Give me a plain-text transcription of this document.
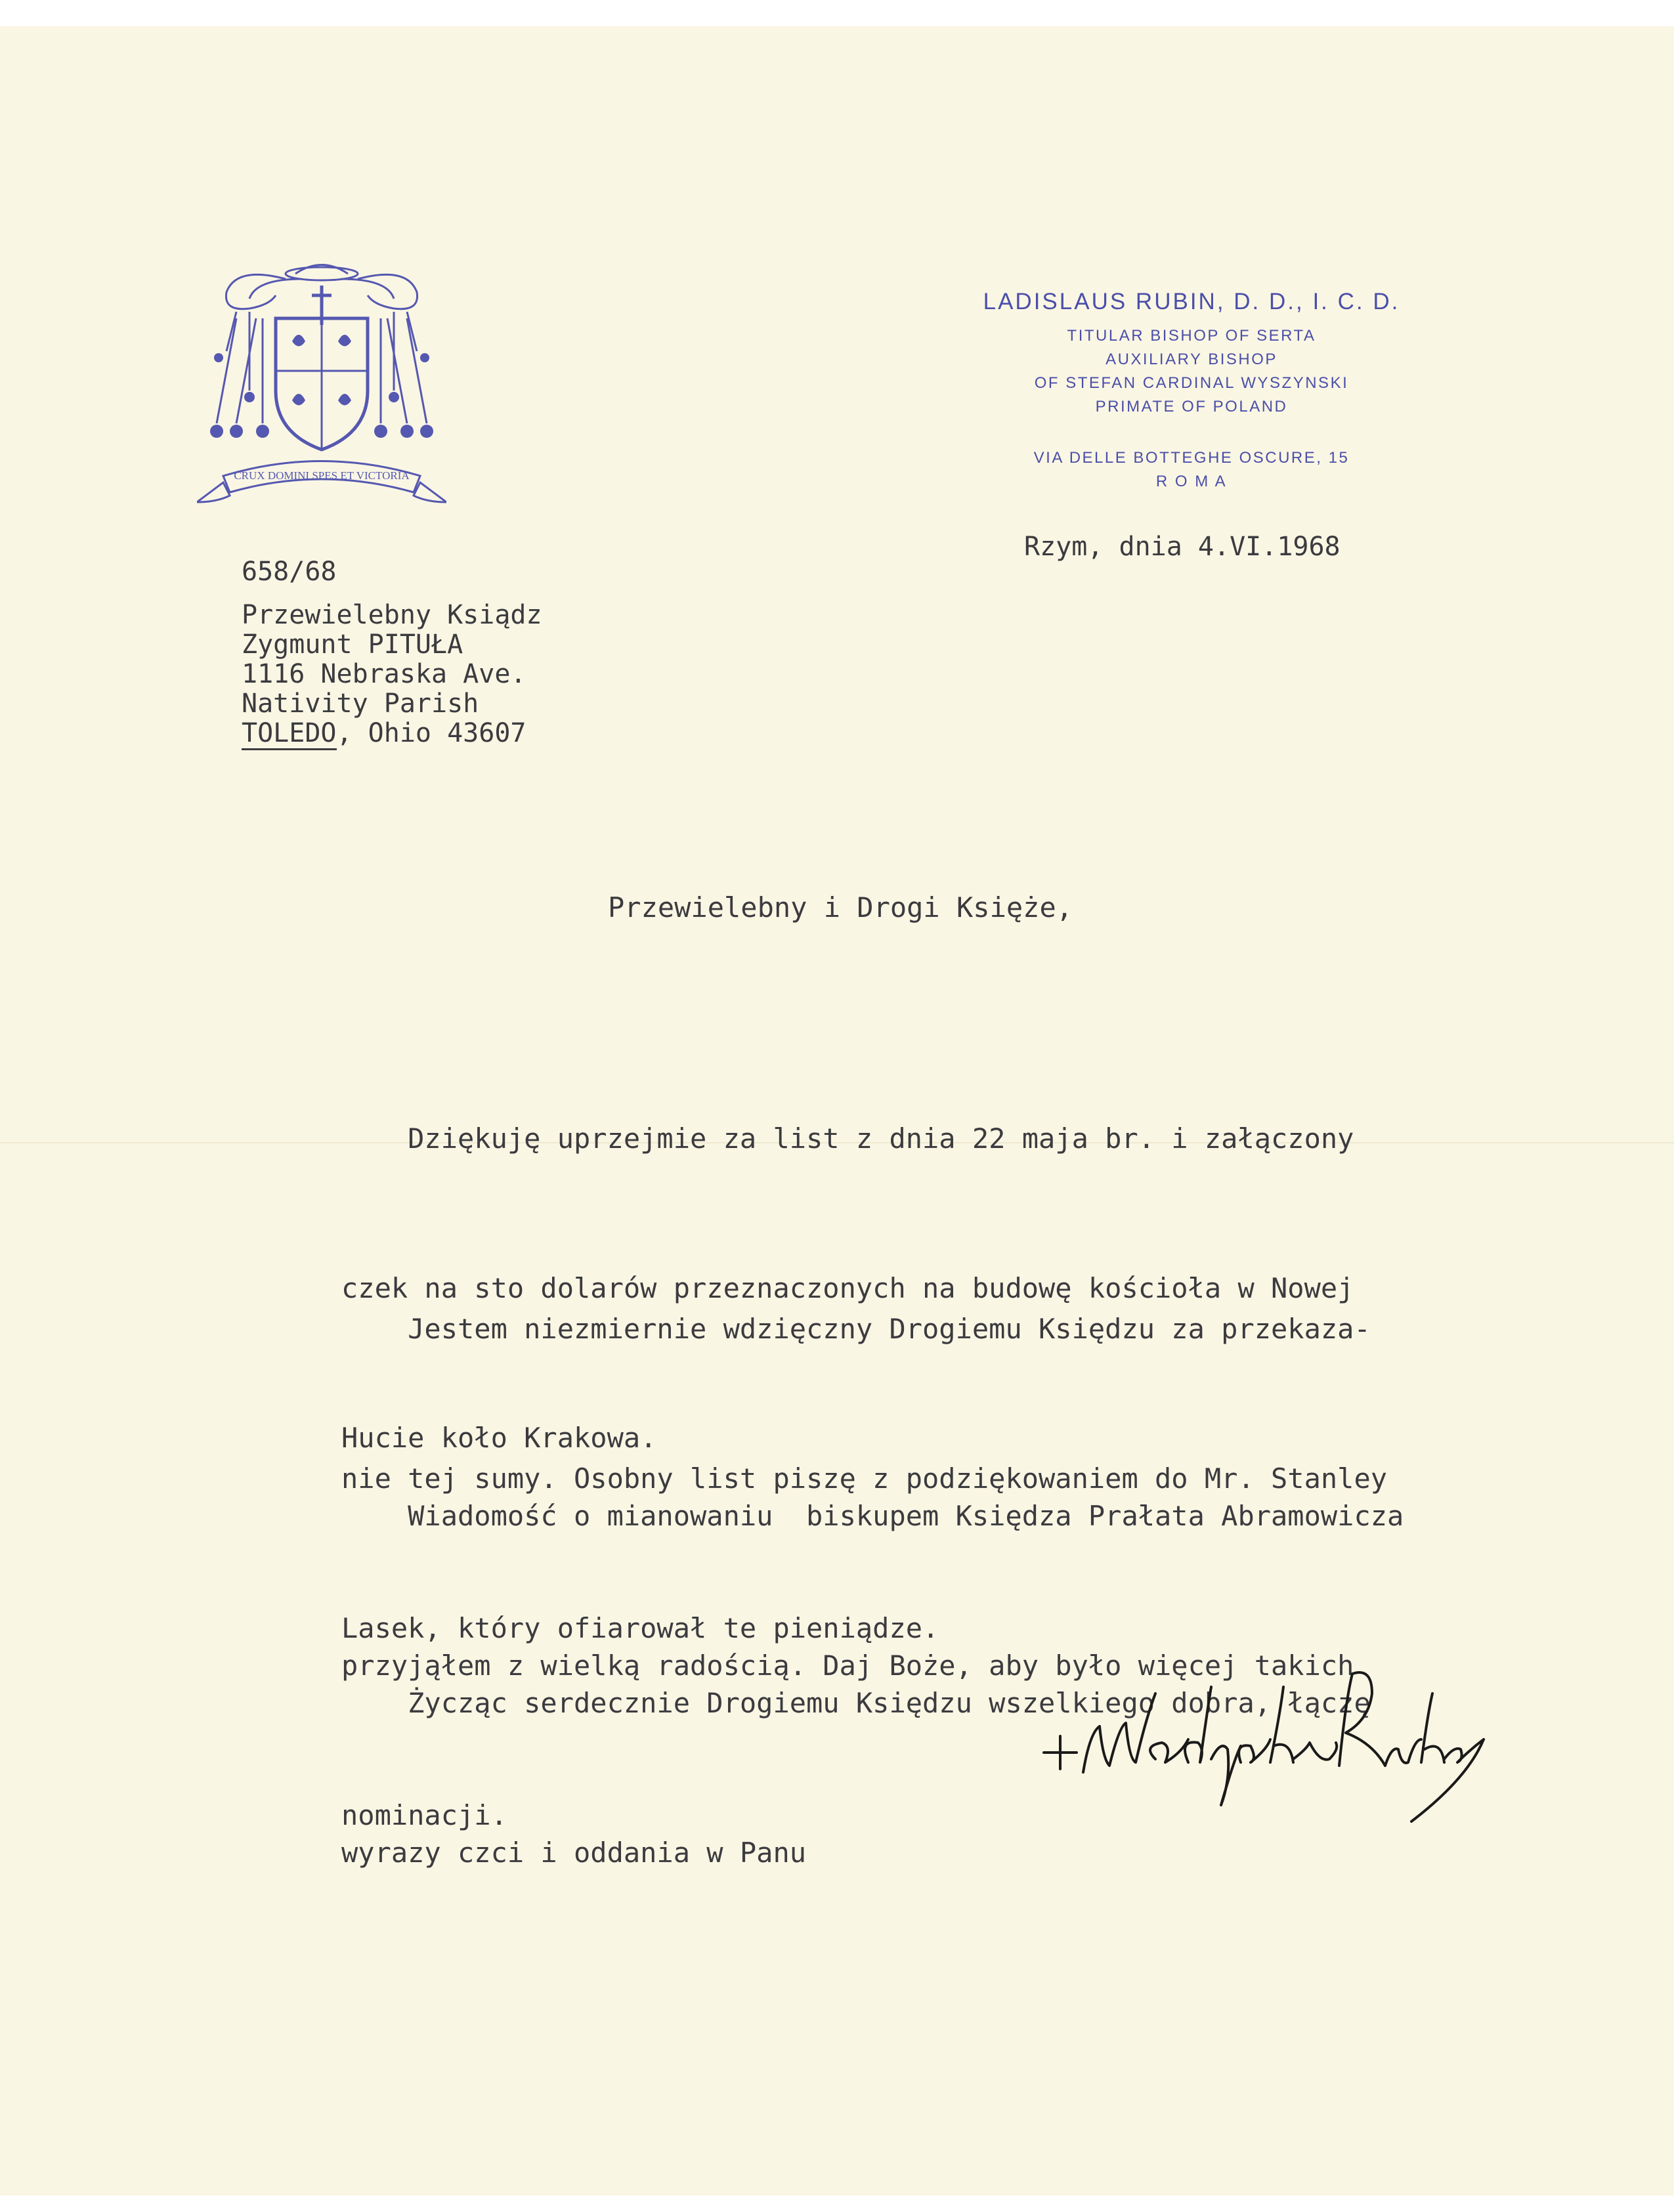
CRUX DOMINI SPES ET VICTORIA
LADISLAUS RUBIN, D. D., I. C. D.
TITULAR BISHOP OF SERTA
AUXILIARY BISHOP
OF STEFAN CARDINAL WYSZYNSKI
PRIMATE OF POLAND
VIA DELLE BOTTEGHE OSCURE, 15
R O M A
Rzym, dnia 4.VI.1968
658/68
Przewielebny Ksiądz
Zygmunt PITUŁA
1116 Nebraska Ave.
Nativity Parish
TOLEDO, Ohio 43607
Przewielebny i Drogi Księże,

Dziękuję uprzejmie za list z dnia 22 maja br. i załączony

czek na sto dolarów przeznaczonych na budowę kościoła w Nowej

Hucie koło Krakowa.

Jestem niezmiernie wdzięczny Drogiemu Księdzu za przekaza-

nie tej sumy. Osobny list piszę z podziękowaniem do Mr. Stanley

Lasek, który ofiarował te pieniądze.

Wiadomość o mianowaniu  biskupem Księdza Prałata Abramowicza

przyjąłem z wielką radością. Daj Boże, aby było więcej takich

nominacji.

Życząc serdecznie Drogiemu Księdzu wszelkiego dobra, łączę

wyrazy czci i oddania w Panu
